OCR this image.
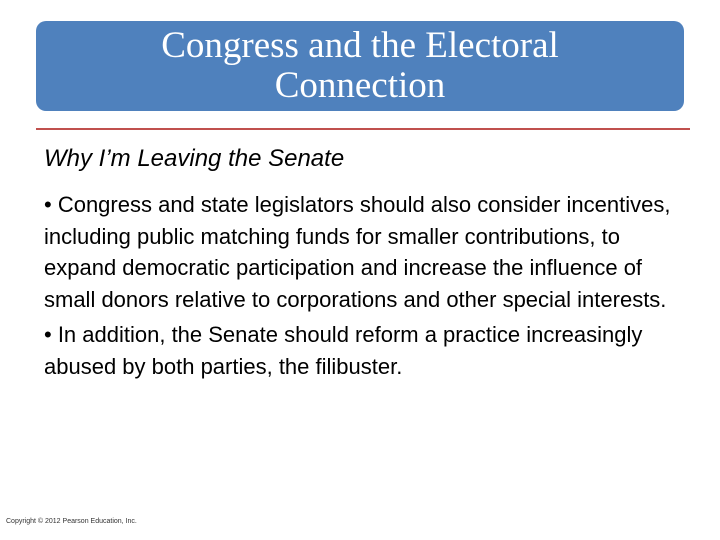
Congress and the Electoral Connection
Why I’m Leaving the Senate

• Congress and state legislators should also consider incentives, including public matching funds for smaller contributions, to expand democratic participation and increase the influence of small donors relative to corporations and other special interests.

• In addition, the Senate should reform a practice increasingly abused by both parties, the filibuster.

Copyright © 2012 Pearson Education, Inc.
